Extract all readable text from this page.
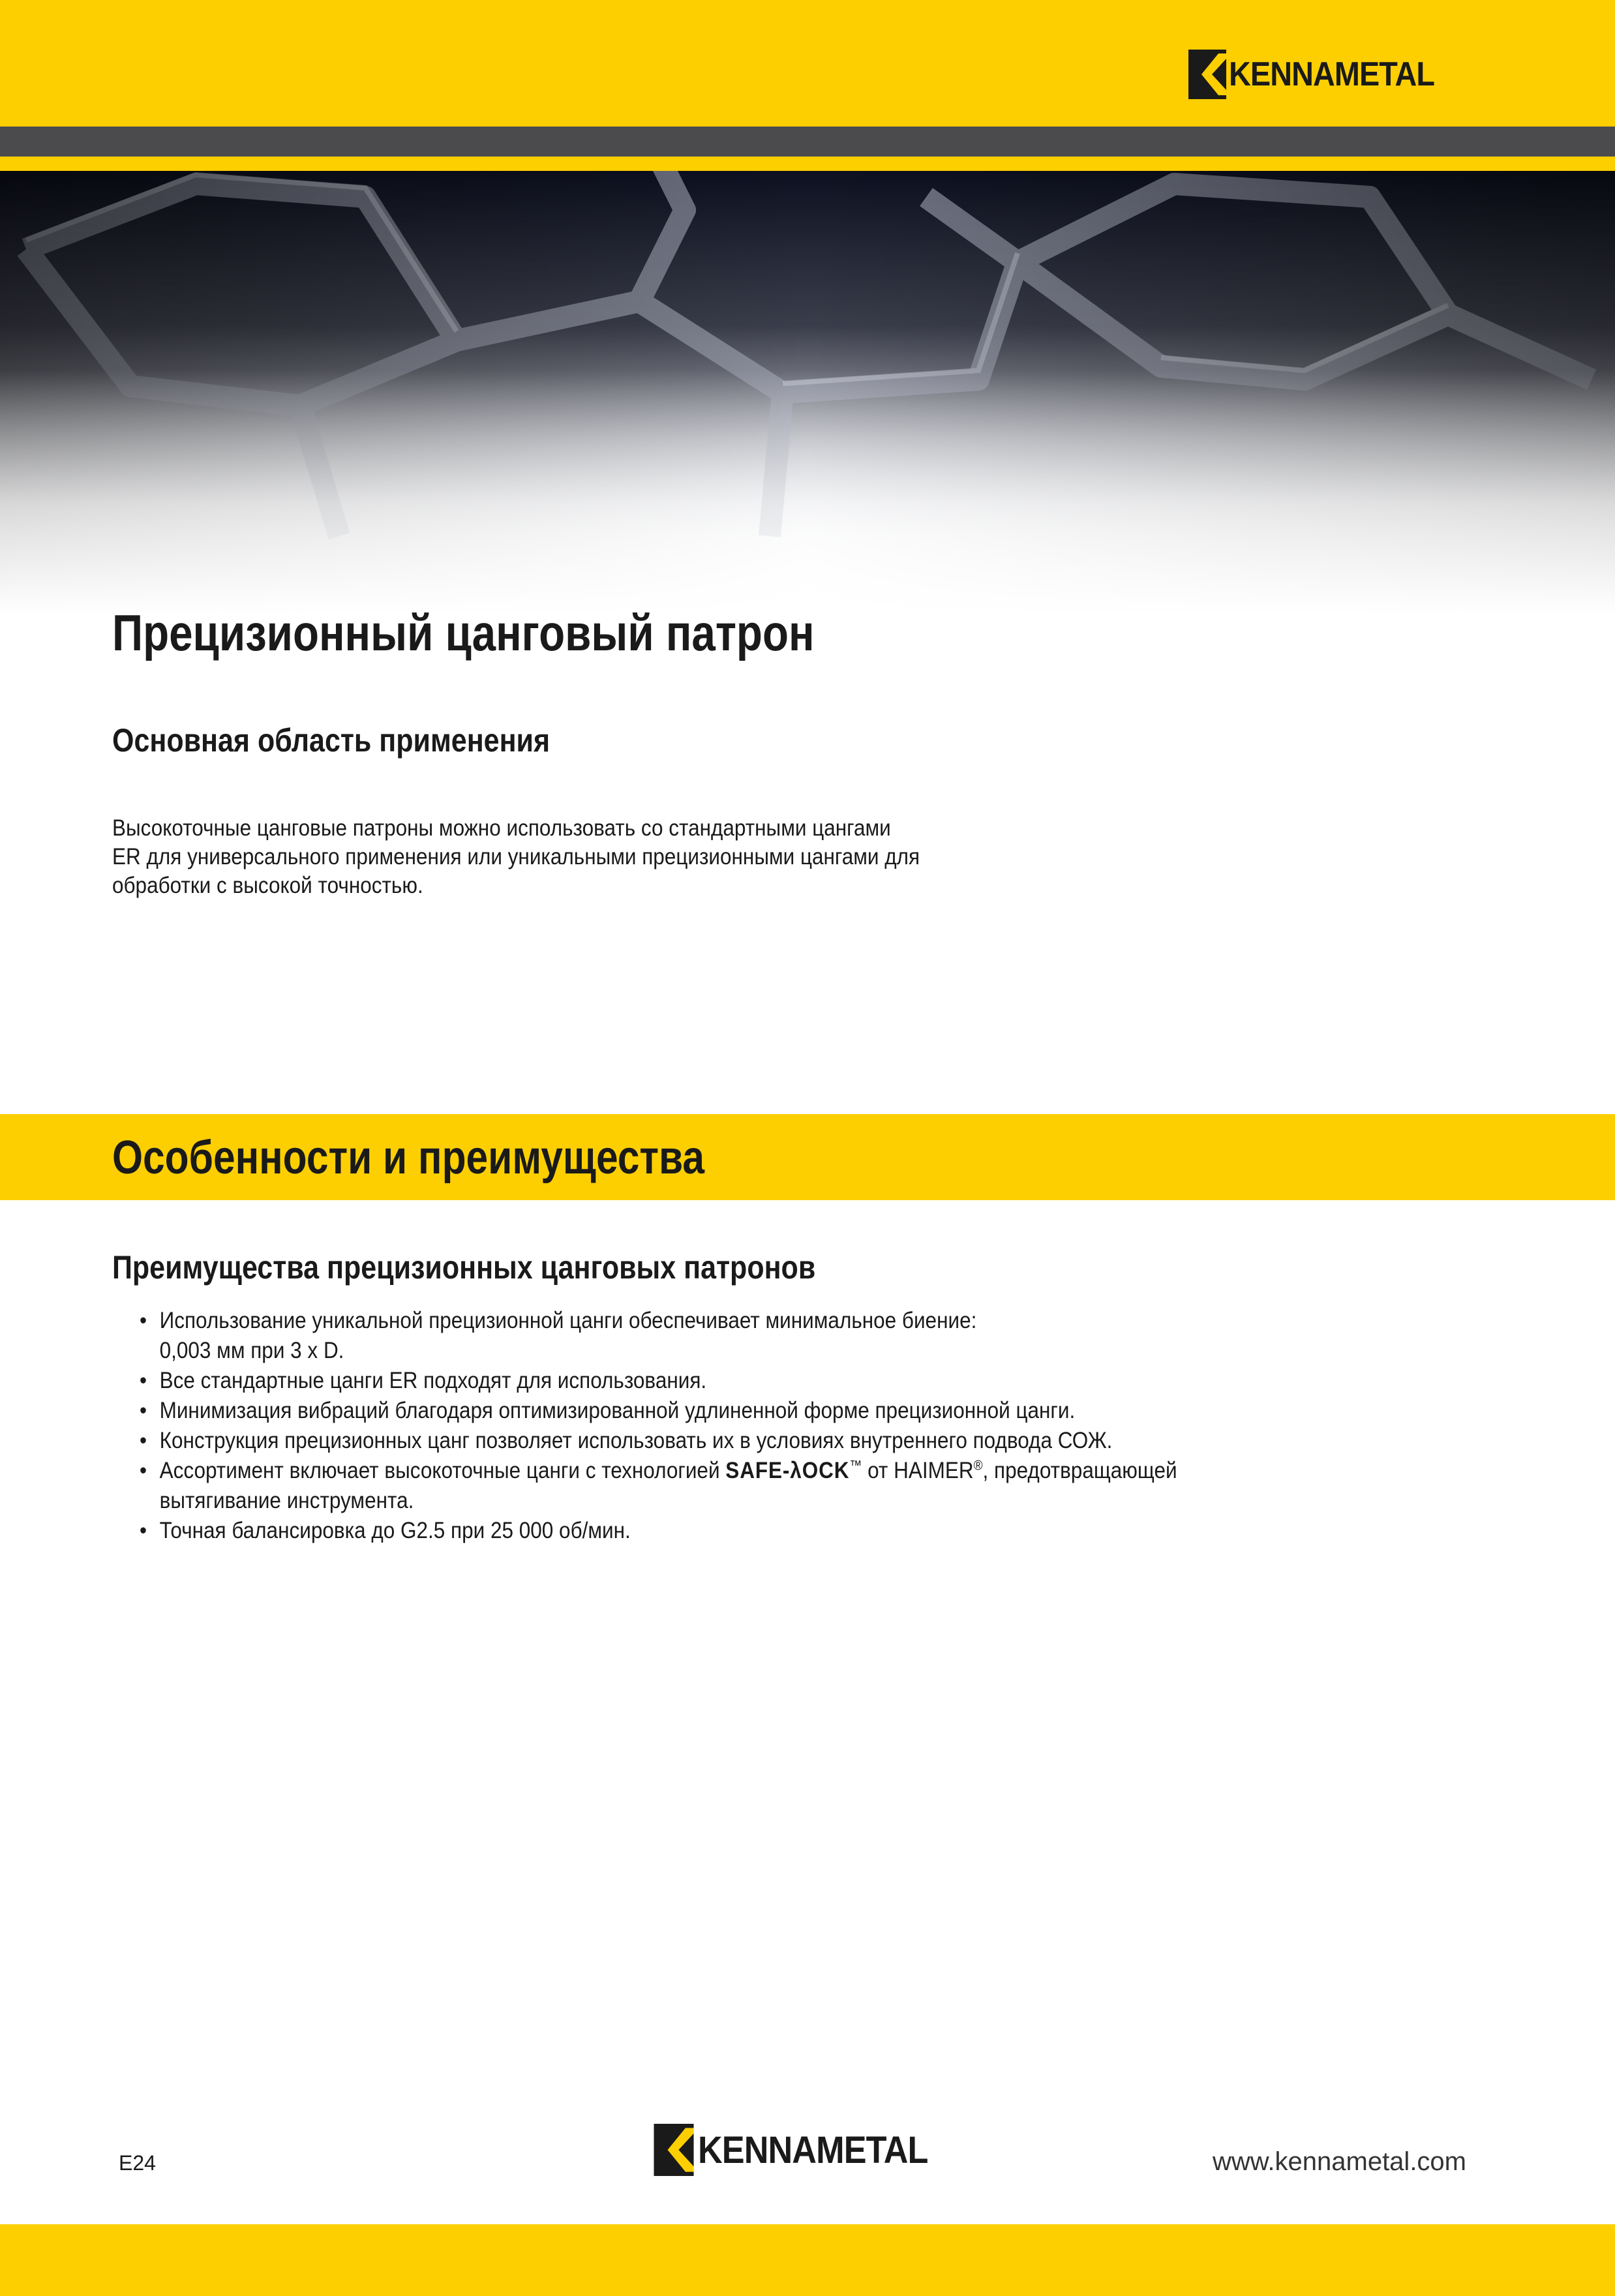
KENNAMETAL
Прецизионный цанговый патрон
Основная область применения
Высокоточные цанговые патроны можно использовать со стандартными цангами
ER для универсального применения или уникальными прецизионными цангами для
обработки с высокой точностью.
Особенности и преимущества
Преимущества прецизионных цанговых патронов
• Использование уникальной прецизионной цанги обеспечивает минимальное биение:
0,003 мм при 3 x D.
• Все стандартные цанги ER подходят для использования.
• Минимизация вибраций благодаря оптимизированной удлиненной форме прецизионной цанги.
• Конструкция прецизионных цанг позволяет использовать их в условиях внутреннего подвода СОЖ.
• Ассортимент включает высокоточные цанги с технологией SAFE-λOCK™ от HAIMER®, предотвращающей
вытягивание инструмента.
• Точная балансировка до G2.5 при 25 000 об/мин.
E24	KENNAMETAL	www.kennametal.com
